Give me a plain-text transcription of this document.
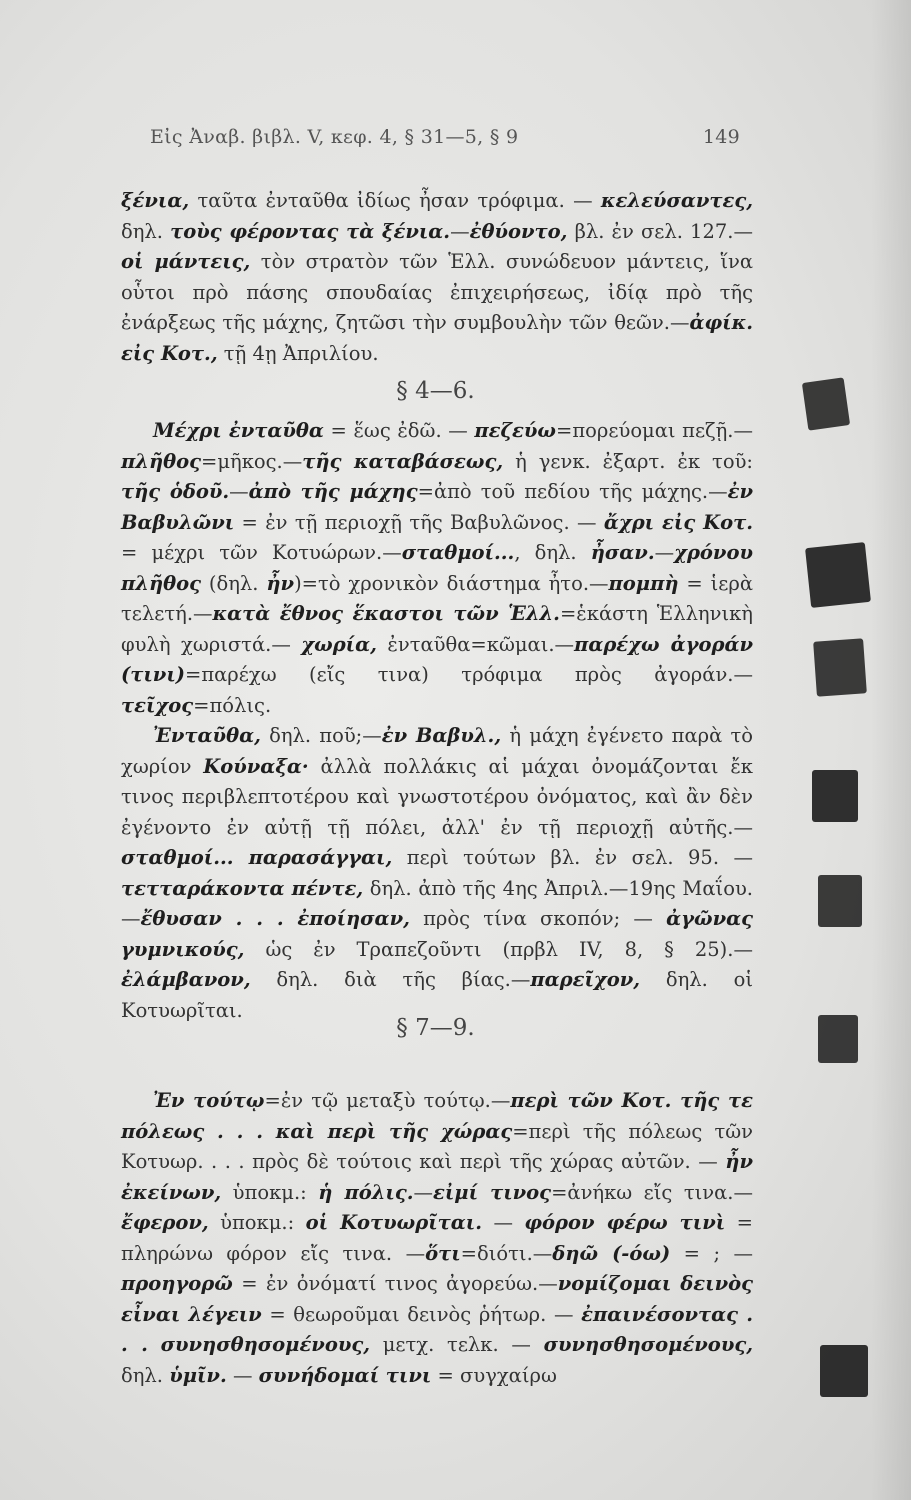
Εἰς Ἀναβ. βιβλ. V, κεφ. 4, § 31—5, § 9	149

ξένια, ταῦτα ἐνταῦθα ἰδίως ἦσαν τρόφιμα. — κελεύσαντες, δηλ. τοὺς φέροντας τὰ ξένια.—ἐθύοντο, βλ. ἐν σελ. 127.—οἱ μάντεις, τὸν στρατὸν τῶν Ἑλλ. συνώδευον μάντεις, ἵνα οὗτοι πρὸ πάσης σπουδαίας ἐπιχειρήσεως, ἰδίᾳ πρὸ τῆς ἐνάρξεως τῆς μάχης, ζητῶσι τὴν συμβουλὴν τῶν θεῶν.—ἀφίκ. εἰς Κοτ., τῇ 4ῃ Ἀπριλίου.

§ 4—6.

Μέχρι ἐνταῦθα = ἕως ἐδῶ. — πεζεύω=πορεύομαι πεζῇ.— πλῆθος=μῆκος.—τῆς καταβάσεως, ἡ γενκ. ἐξαρτ. ἐκ τοῦ: τῆς ὁδοῦ.—ἀπὸ τῆς μάχης=ἀπὸ τοῦ πεδίου τῆς μάχης.—ἐν Βαβυλῶνι = ἐν τῇ περιοχῇ τῆς Βαβυλῶνος. — ἄχρι εἰς Κοτ. = μέχρι τῶν Κοτυώρων.—σταθμοί..., δηλ. ἦσαν.—χρόνου πλῆθος (δηλ. ἦν)=τὸ χρονικὸν διάστημα ἦτο.—πομπὴ = ἱερὰ τελετή.—κατὰ ἔθνος ἕκαστοι τῶν Ἑλλ.=ἑκάστη Ἑλληνικὴ φυλὴ χωριστά.— χωρία, ἐνταῦθα=κῶμαι.—παρέχω ἀγοράν (τινι)=παρέχω (εἴς τινα) τρόφιμα πρὸς ἀγοράν.—τεῖχος=πόλις.

Ἐνταῦθα, δηλ. ποῦ;—ἐν Βαβυλ., ἡ μάχη ἐγένετο παρὰ τὸ χωρίον Κούναξα· ἀλλὰ πολλάκις αἱ μάχαι ὀνομάζονται ἔκ τινος περιβλεπτοτέρου καὶ γνωστοτέρου ὀνόματος, καὶ ἂν δὲν ἐγένοντο ἐν αὐτῇ τῇ πόλει, ἀλλ' ἐν τῇ περιοχῇ αὐτῆς.—σταθμοί... παρασάγγαι, περὶ τούτων βλ. ἐν σελ. 95. — τετταράκοντα πέντε, δηλ. ἀπὸ τῆς 4ης Ἀπριλ.—19ης Μαΐου.—ἔθυσαν . . . ἐποίησαν, πρὸς τίνα σκοπόν; — ἀγῶνας γυμνικούς, ὡς ἐν Τραπεζοῦντι (πρβλ IV, 8, § 25).—ἐλάμβανον, δηλ. διὰ τῆς βίας.—παρεῖχον, δηλ. οἱ Κοτυωρῖται.

§ 7—9.

Ἐν τούτῳ=ἐν τῷ μεταξὺ τούτῳ.—περὶ τῶν Κοτ. τῆς τε πόλεως . . . καὶ περὶ τῆς χώρας=περὶ τῆς πόλεως τῶν Κοτυωρ. . . . πρὸς δὲ τούτοις καὶ περὶ τῆς χώρας αὐτῶν. — ἦν ἐκείνων, ὑποκμ.: ἡ πόλις.—εἰμί τινος=ἀνήκω εἴς τινα.—ἔφερον, ὑποκμ.: οἱ Κοτυωρῖται. — φόρον φέρω τινὶ = πληρώνω φόρον εἴς τινα. —ὅτι=διότι.—δηῶ (-όω) = ; —προηγορῶ = ἐν ὀνόματί τινος ἀγορεύω.—νομίζομαι δεινὸς εἶναι λέγειν = θεωροῦμαι δεινὸς ῥήτωρ. — ἐπαινέσοντας . . . συνησθησομένους, μετχ. τελκ. — συνησθησομένους, δηλ. ὑμῖν. — συνήδομαί τινι = συγχαίρω
